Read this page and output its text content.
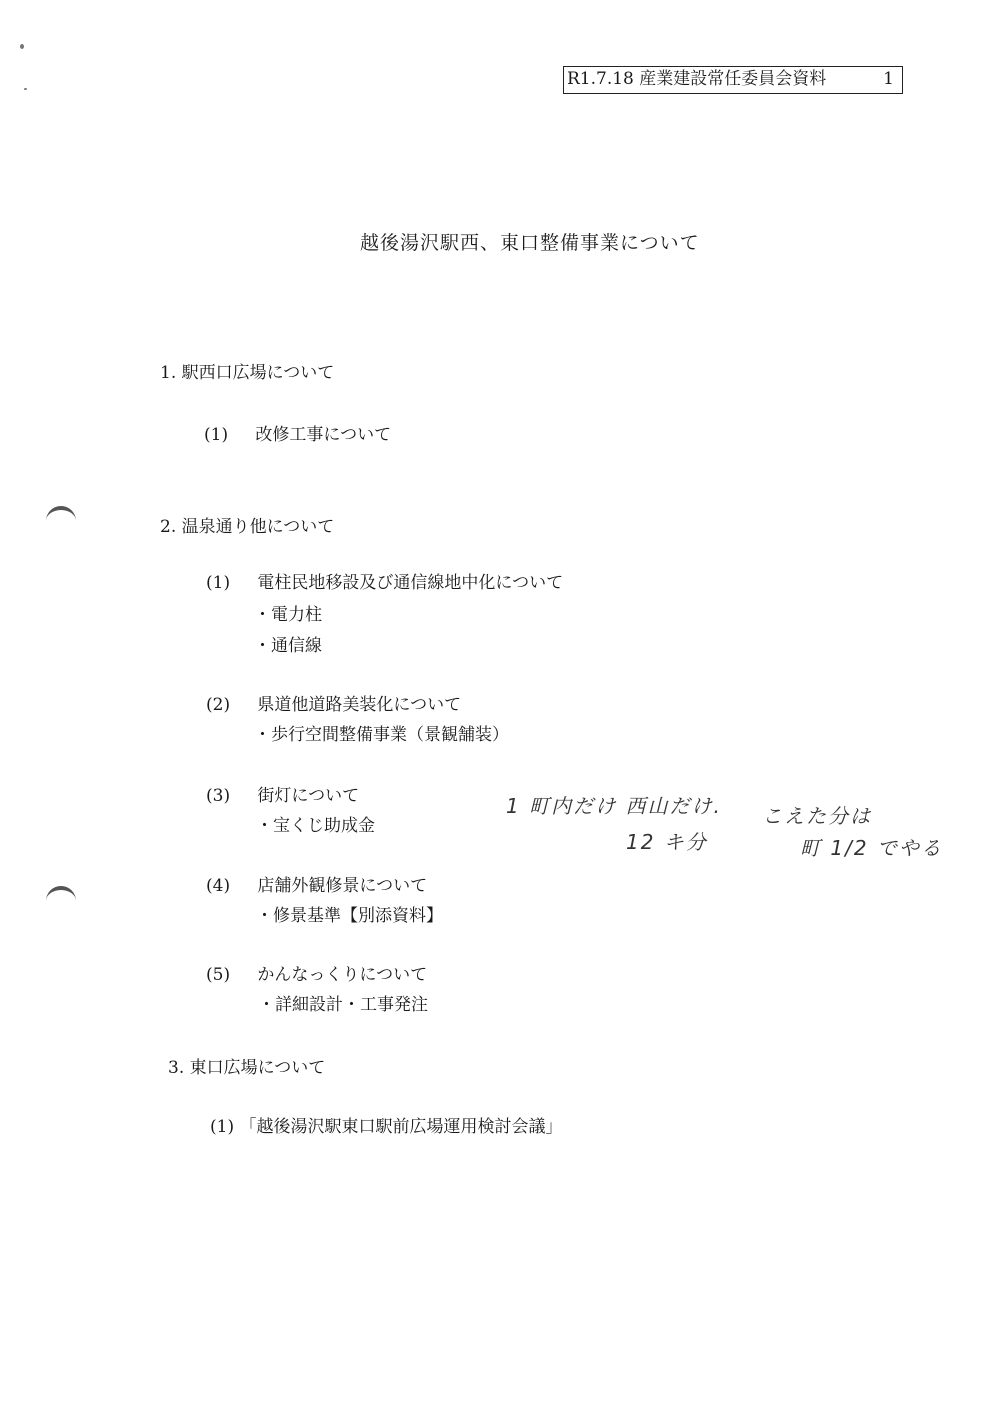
R1.7.18 産業建設常任委員会資料	1
越後湯沢駅西、東口整備事業について
1. 駅西口広場について
(1) 改修工事について
2. 温泉通り他について
(1) 電柱民地移設及び通信線地中化について
・電力柱
・通信線
(2) 県道他道路美装化について
・歩行空間整備事業（景観舗装）
(3) 街灯について
・宝くじ助成金
(4) 店舗外観修景について
・修景基準【別添資料】
(5) かんなっくりについて
・詳細設計・工事発注
3. 東口広場について
(1) 「越後湯沢駅東口駅前広場運用検討会議」
1 町内だけ 西山だけ.
12 キ分
こえた分は
町 1/2 でやる
